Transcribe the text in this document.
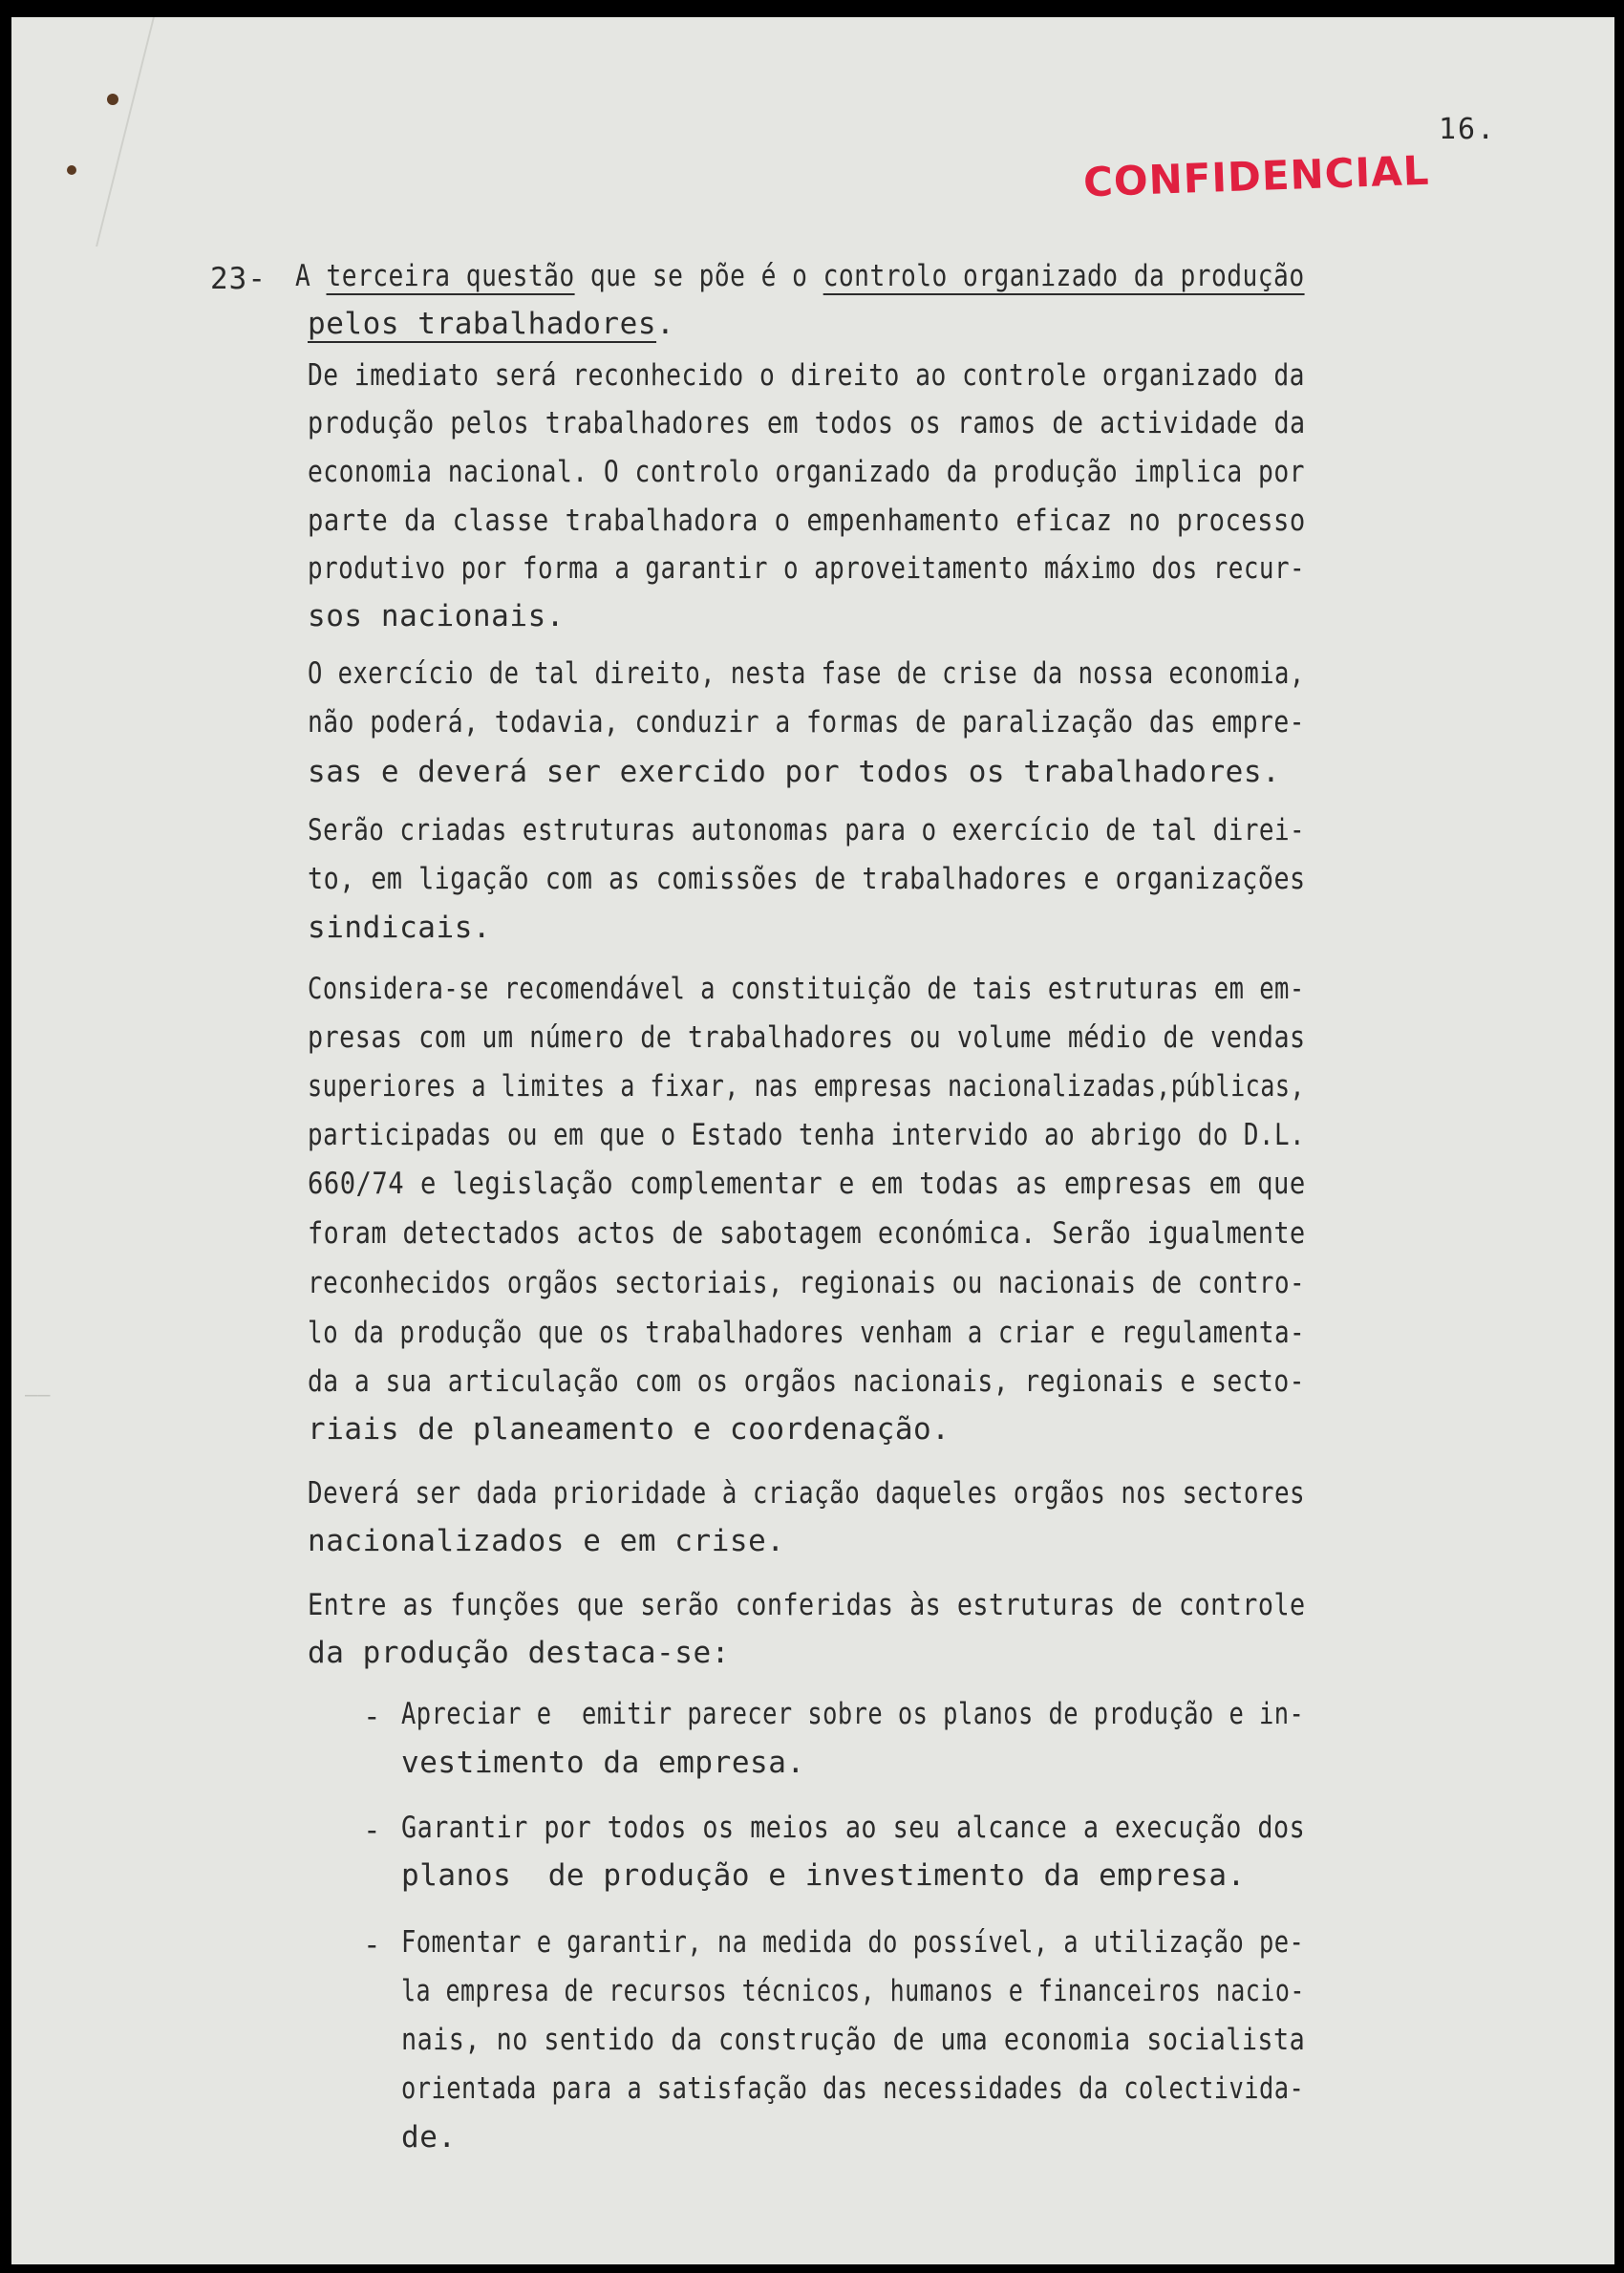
——
16.
CONFIDENCIAL
23- A terceira questão que se põe é o controlo organizado da produção
pelos trabalhadores.
De imediato será reconhecido o direito ao controle organizado da
produção pelos trabalhadores em todos os ramos de actividade da
economia nacional. O controlo organizado da produção implica por
parte da classe trabalhadora o empenhamento eficaz no processo
produtivo por forma a garantir o aproveitamento máximo dos recur-
sos nacionais.
O exercício de tal direito, nesta fase de crise da nossa economia,
não poderá, todavia, conduzir a formas de paralização das empre-
sas e deverá ser exercido por todos os trabalhadores.
Serão criadas estruturas autonomas para o exercício de tal direi-
to, em ligação com as comissões de trabalhadores e organizações
sindicais.
Considera-se recomendável a constituição de tais estruturas em em-
presas com um número de trabalhadores ou volume médio de vendas
superiores a limites a fixar, nas empresas nacionalizadas,públicas,
participadas ou em que o Estado tenha intervido ao abrigo do D.L.
660/74 e legislação complementar e em todas as empresas em que
foram detectados actos de sabotagem económica. Serão igualmente
reconhecidos orgãos sectoriais, regionais ou nacionais de contro-
lo da produção que os trabalhadores venham a criar e regulamenta-
da a sua articulação com os orgãos nacionais, regionais e secto-
riais de planeamento e coordenação.
Deverá ser dada prioridade à criação daqueles orgãos nos sectores
nacionalizados e em crise.
Entre as funções que serão conferidas às estruturas de controle
da produção destaca-se:
- Apreciar e  emitir parecer sobre os planos de produção e in-
vestimento da empresa.
- Garantir por todos os meios ao seu alcance a execução dos
planos  de produção e investimento da empresa.
- Fomentar e garantir, na medida do possível, a utilização pe-
la empresa de recursos técnicos, humanos e financeiros nacio-
nais, no sentido da construção de uma economia socialista
orientada para a satisfação das necessidades da colectivida-
de.
